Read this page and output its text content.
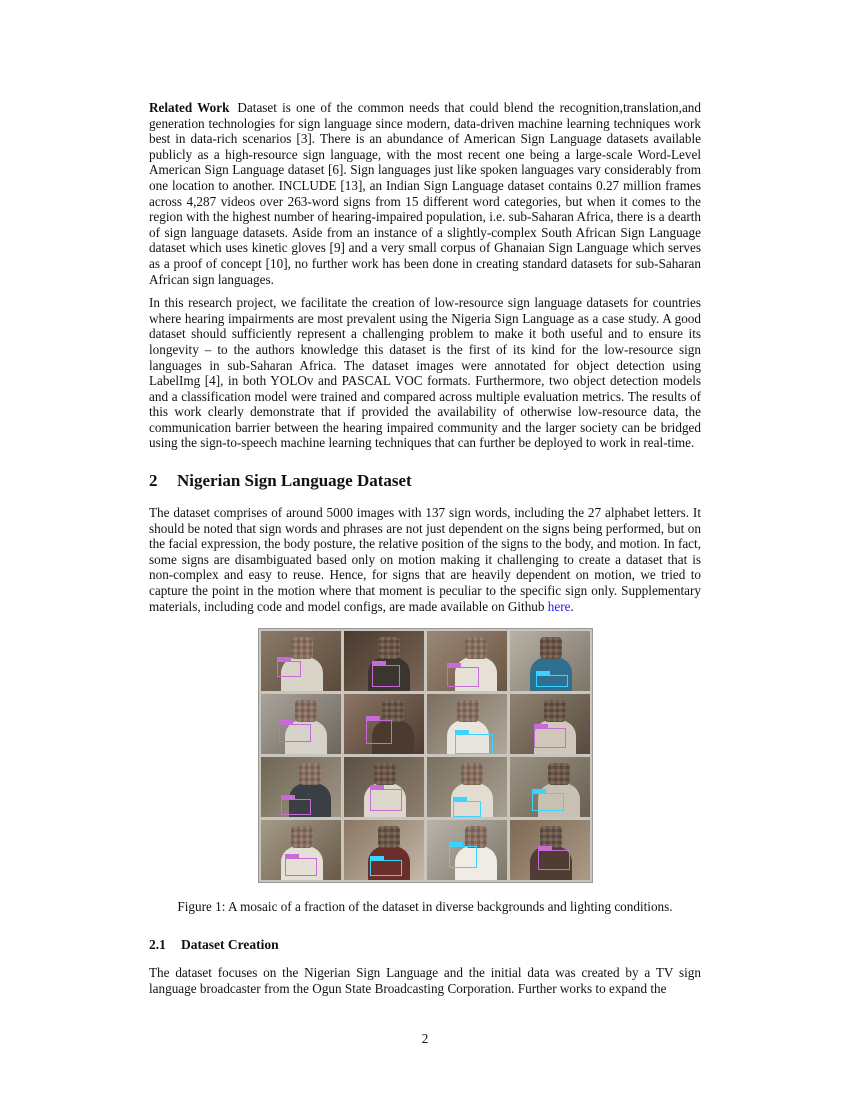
Related Work Dataset is one of the common needs that could blend the recognition,translation,and generation technologies for sign language since modern, data-driven machine learning techniques work best in data-rich scenarios [3]. There is an abundance of American Sign Language datasets available publicly as a high-resource sign language, with the most recent one being a large-scale Word-Level American Sign Language dataset [6]. Sign languages just like spoken languages vary considerably from one location to another. INCLUDE [13], an Indian Sign Language dataset contains 0.27 million frames across 4,287 videos over 263-word signs from 15 different word categories, but when it comes to the region with the highest number of hearing-impaired population, i.e. sub-Saharan Africa, there is a dearth of sign language datasets. Aside from an instance of a slightly-complex South African Sign Language dataset which uses kinetic gloves [9] and a very small corpus of Ghanaian Sign Language which serves as a proof of concept [10], no further work has been done in creating standard datasets for sub-Saharan African sign languages.

In this research project, we facilitate the creation of low-resource sign language datasets for countries where hearing impairments are most prevalent using the Nigeria Sign Language as a case study. A good dataset should sufficiently represent a challenging problem to make it both useful and to ensure its longevity – to the authors knowledge this dataset is the first of its kind for the low-resource sign languages in sub-Saharan Africa. The dataset images were annotated for object detection using LabelImg [4], in both YOLOv and PASCAL VOC formats. Furthermore, two object detection models and a classification model were trained and compared across multiple evaluation metrics. The results of this work clearly demonstrate that if provided the availability of otherwise low-resource data, the communication barrier between the hearing impaired community and the larger society can be bridged using the sign-to-speech machine learning techniques that can further be deployed to work in real-time.

2 Nigerian Sign Language Dataset

The dataset comprises of around 5000 images with 137 sign words, including the 27 alphabet letters. It should be noted that sign words and phrases are not just dependent on the signs being performed, but on the facial expression, the body posture, the relative position of the signs to the body, and motion. In fact, some signs are disambiguated based only on motion making it challenging to create a dataset that is non-complex and easy to reuse. Hence, for signs that are heavily dependent on motion, we tried to capture the point in the motion where that moment is peculiar to the specific sign only. Supplementary materials, including code and model configs, are made available on Github here.

Figure 1: A mosaic of a fraction of the dataset in diverse backgrounds and lighting conditions.
2.1 Dataset Creation

The dataset focuses on the Nigerian Sign Language and the initial data was created by a TV sign language broadcaster from the Ogun State Broadcasting Corporation. Further works to expand the

2
